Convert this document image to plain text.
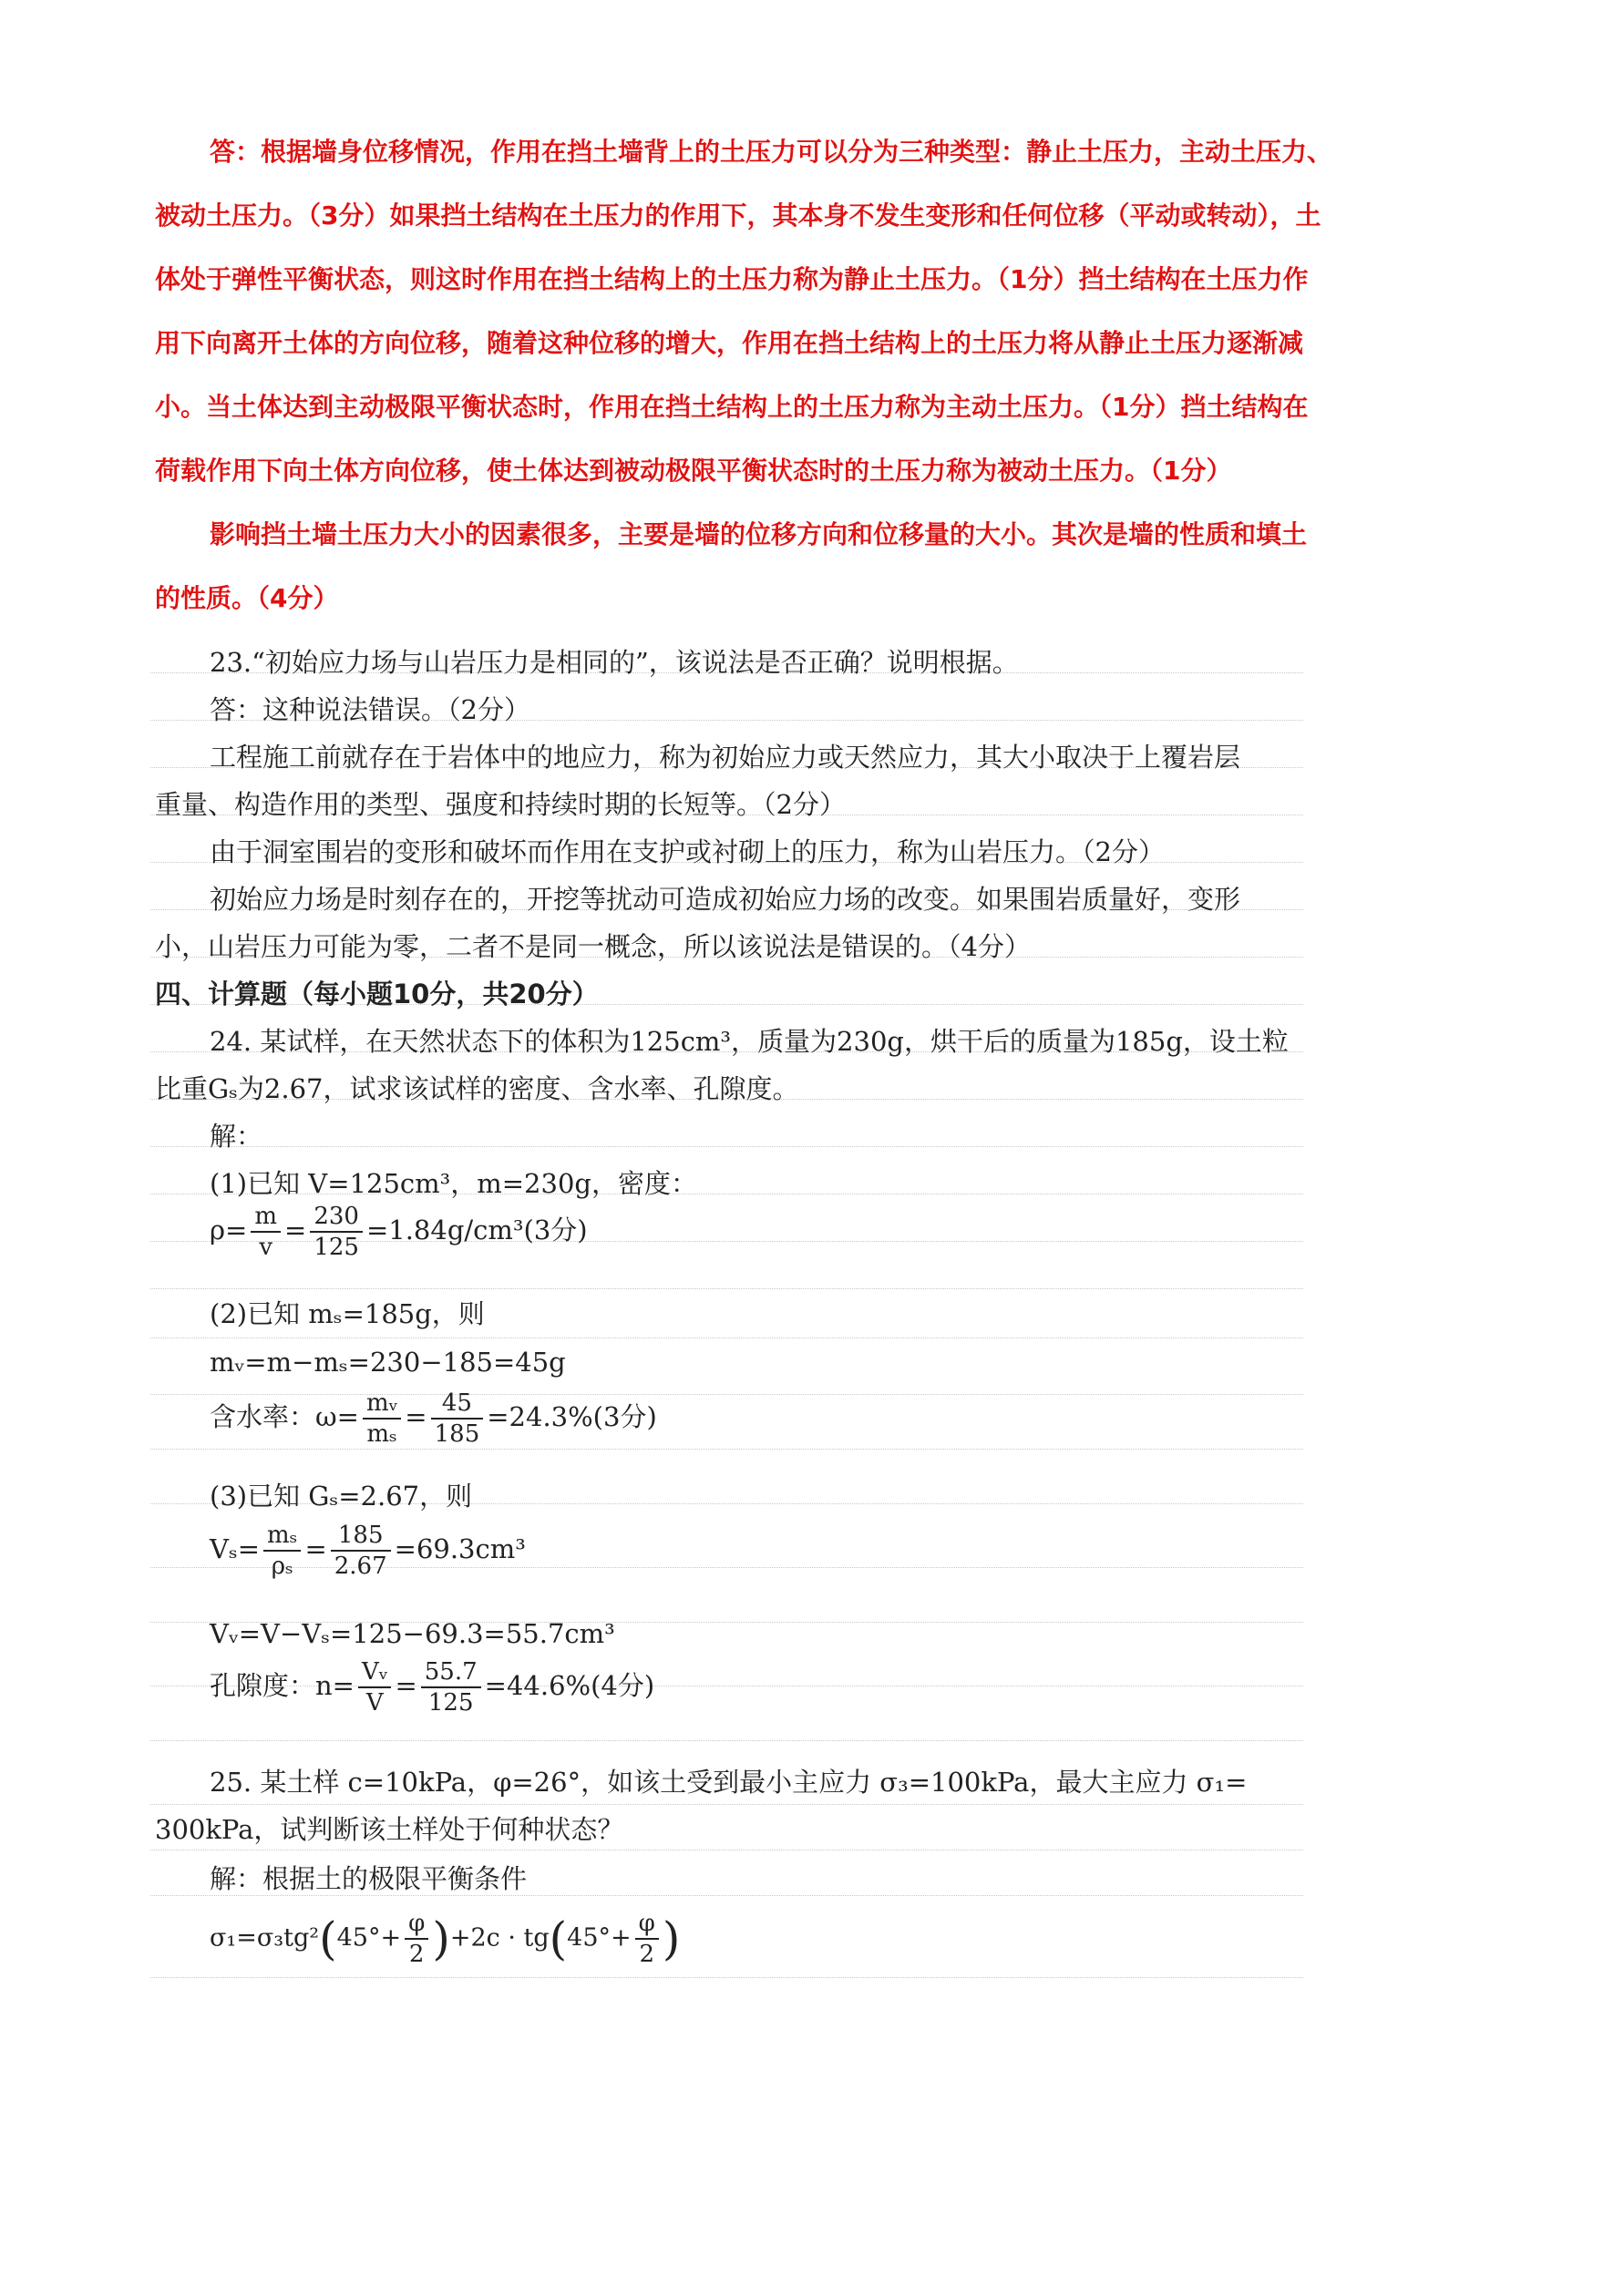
答：根据墙身位移情况，作用在挡土墙背上的土压力可以分为三种类型：静止土压力，主动土压力、
被动土压力。（3分）如果挡土结构在土压力的作用下，其本身不发生变形和任何位移（平动或转动），土
体处于弹性平衡状态，则这时作用在挡土结构上的土压力称为静止土压力。（1分）挡土结构在土压力作
用下向离开土体的方向位移，随着这种位移的增大，作用在挡土结构上的土压力将从静止土压力逐渐减
小。当土体达到主动极限平衡状态时，作用在挡土结构上的土压力称为主动土压力。（1分）挡土结构在
荷载作用下向土体方向位移，使土体达到被动极限平衡状态时的土压力称为被动土压力。（1分）
影响挡土墙土压力大小的因素很多，主要是墙的位移方向和位移量的大小。其次是墙的性质和填土
的性质。（4分）
23.“初始应力场与山岩压力是相同的”，该说法是否正确？说明根据。
答：这种说法错误。（2分）
工程施工前就存在于岩体中的地应力，称为初始应力或天然应力，其大小取决于上覆岩层
重量、构造作用的类型、强度和持续时期的长短等。（2分）
由于洞室围岩的变形和破坏而作用在支护或衬砌上的压力，称为山岩压力。（2分）
初始应力场是时刻存在的，开挖等扰动可造成初始应力场的改变。如果围岩质量好，变形
小，山岩压力可能为零，二者不是同一概念，所以该说法是错误的。（4分）
四、计算题（每小题10分，共20分）
24. 某试样，在天然状态下的体积为125cm³，质量为230g，烘干后的质量为185g，设土粒
比重Gₛ为2.67，试求该试样的密度、含水率、孔隙度。
解：
(1)已知 V=125cm³，m=230g，密度：
$\rho= \frac{m}{v} = \frac{230}{125} =1.84g/cm^3(3$分)
(2)已知 mₛ=185g，则
mᵥ=m−mₛ=230−185=45g
含水率：$\omega= \frac{\text{mᵥ}}{\text{mₛ}} = \frac{45}{185} =24.3\%(3$分)
(3)已知 Gₛ=2.67，则
$V_s= \frac{\text{mₛ}}{\text{ρₛ}} = \frac{185}{2.67} =69.3cm^3$
Vᵥ=V−Vₛ=125−69.3=55.7cm³
孔隙度：$n= \frac{\text{Vᵥ}}{V} = \frac{55.7}{125} =44.6\%(4$分)
25. 某土样 c=10kPa，φ=26°，如该土受到最小主应力 σ₃=100kPa，最大主应力 σ₁=
300kPa，试判断该土样处于何种状态？
解：根据土的极限平衡条件
$\sigma_1=\sigma_3tg^2(45^\circ+ \frac{\varphi}{2} )+2c \cdot tg(45^\circ+ \frac{\varphi}{2}$ )
